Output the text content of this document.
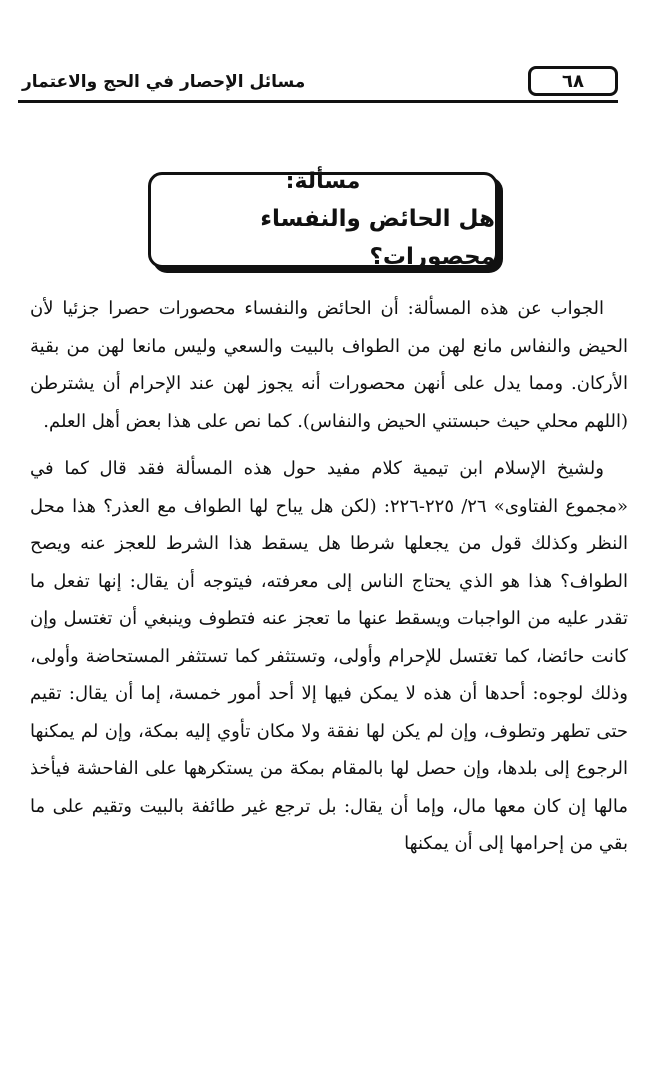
٦٨
مسائل الإحصار في الحج والاعتمار
مسألة:
هل الحائض والنفساء محصورات؟

الجواب عن هذه المسألة: أن الحائض والنفساء محصورات حصرا جزئيا لأن الحيض والنفاس مانع لهن من الطواف بالبيت والسعي وليس مانعا لهن من بقية الأركان. ومما يدل على أنهن محصورات أنه يجوز لهن عند الإحرام أن يشترطن (اللهم محلي حيث حبستني الحيض والنفاس). كما نص على هذا بعض أهل العلم.

ولشيخ الإسلام ابن تيمية كلام مفيد حول هذه المسألة فقد قال كما في «مجموع الفتاوى» ٢٦/ ٢٢٥-٢٢٦: (لكن هل يباح لها الطواف مع العذر؟ هذا محل النظر وكذلك قول من يجعلها شرطا هل يسقط هذا الشرط للعجز عنه ويصح الطواف؟ هذا هو الذي يحتاج الناس إلى معرفته، فيتوجه أن يقال: إنها تفعل ما تقدر عليه من الواجبات ويسقط عنها ما تعجز عنه فتطوف وينبغي أن تغتسل وإن كانت حائضا، كما تغتسل للإحرام وأولى، وتستثفر كما تستثفر المستحاضة وأولى، وذلك لوجوه: أحدها أن هذه لا يمكن فيها إلا أحد أمور خمسة، إما أن يقال: تقيم حتى تطهر وتطوف، وإن لم يكن لها نفقة ولا مكان تأوي إليه بمكة، وإن لم يمكنها الرجوع إلى بلدها، وإن حصل لها بالمقام بمكة من يستكرهها على الفاحشة فيأخذ مالها إن كان معها مال، وإما أن يقال: بل ترجع غير طائفة بالبيت وتقيم على ما بقي من إحرامها إلى أن يمكنها
